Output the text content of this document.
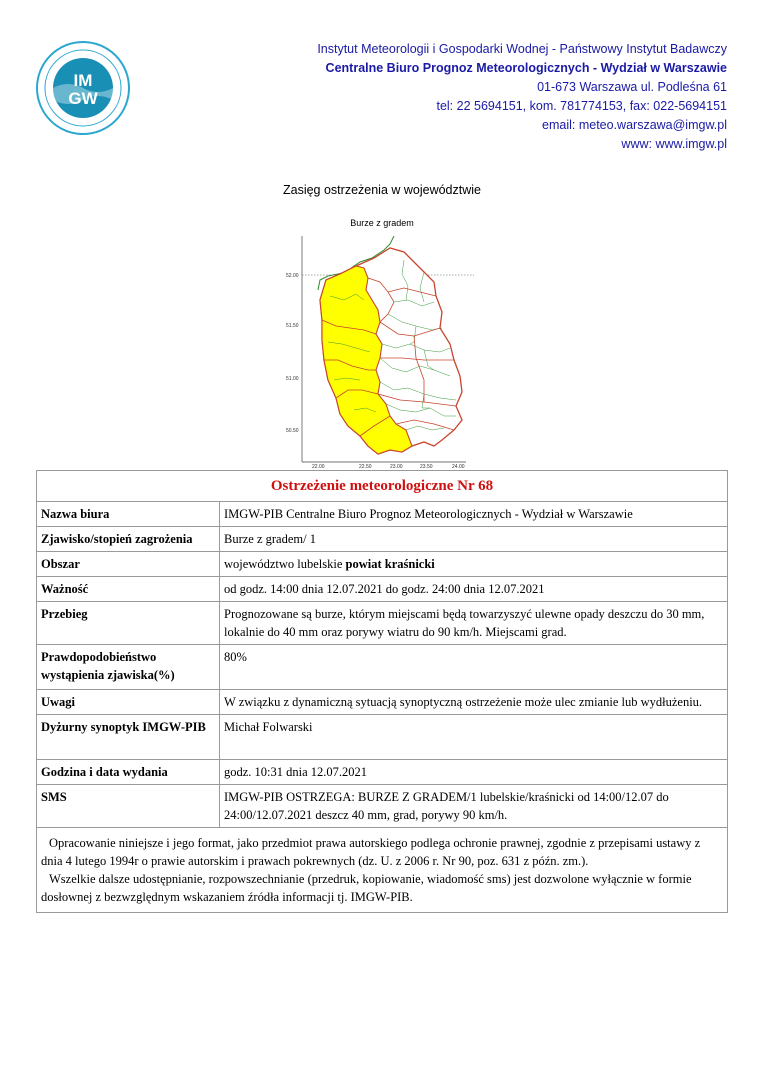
IM
GW
Instytut Meteorologii i Gospodarki Wodnej - Państwowy Instytut Badawczy
Centralne Biuro Prognoz Meteorologicznych - Wydział w Warszawie
01-673 Warszawa ul. Podleśna 61
tel: 22 5694151, kom. 781774153, fax: 022-5694151
email: meteo.warszawa@imgw.pl
www: www.imgw.pl
Zasięg ostrzeżenia w województwie
Burze z gradem
52.00
51.50
51.00
50.50
22.00	22.50	23.00	23.50	24.00
Ostrzeżenie meteorologiczne Nr 68	
Nazwa biura	IMGW-PIB Centralne Biuro Prognoz Meteorologicznych - Wydział w Warszawie
Zjawisko/stopień zagrożenia	Burze z gradem/ 1
Obszar	województwo lubelskie powiat kraśnicki
Ważność	od godz. 14:00 dnia 12.07.2021 do godz. 24:00 dnia 12.07.2021
Przebieg	Prognozowane są burze, którym miejscami będą towarzyszyć ulewne opady deszczu do 30 mm, lokalnie do 40 mm oraz porywy wiatru do 90 km/h. Miejscami grad.
Prawdopodobieństwo wystąpienia zjawiska(%)	80%
Uwagi	W związku z dynamiczną sytuacją synoptyczną ostrzeżenie może ulec zmianie lub wydłużeniu.
Dyżurny synoptyk IMGW-PIB	Michał Folwarski
Godzina i data wydania	godz. 10:31 dnia 12.07.2021
SMS	IMGW-PIB OSTRZEGA: BURZE Z GRADEM/1 lubelskie/kraśnicki od 14:00/12.07 do 24:00/12.07.2021 deszcz 40 mm, grad, porywy 90 km/h.

Opracowanie niniejsze i jego format, jako przedmiot prawa autorskiego podlega ochronie prawnej, zgodnie z przepisami ustawy z dnia 4 lutego 1994r o prawie autorskim i prawach pokrewnych (dz. U. z 2006 r. Nr 90, poz. 631 z późn. zm.).

Wszelkie dalsze udostępnianie, rozpowszechnianie (przedruk, kopiowanie, wiadomość sms) jest dozwolone wyłącznie w formie dosłownej z bezwzględnym wskazaniem źródła informacji tj. IMGW-PIB.	
